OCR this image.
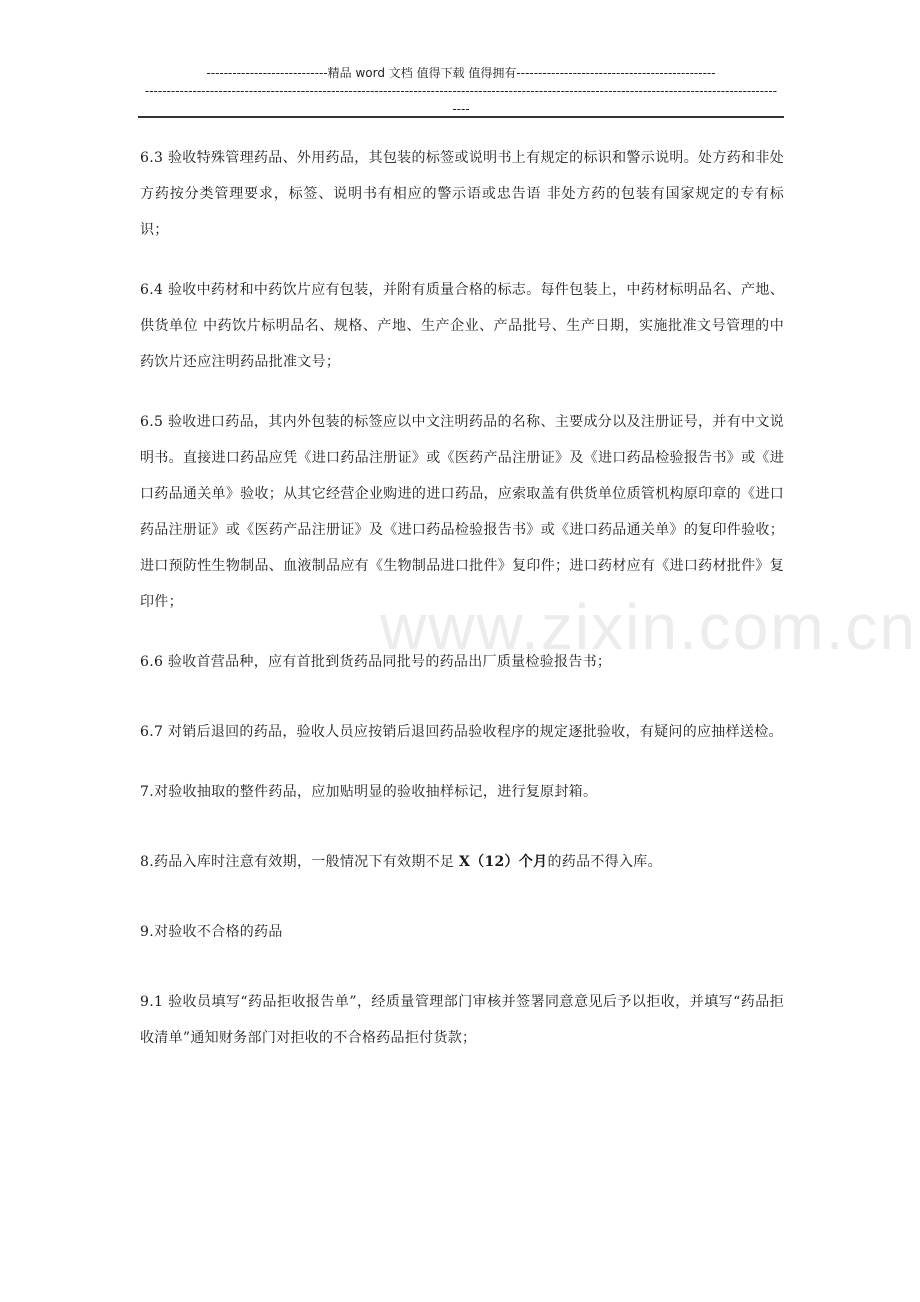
----------------------------精品 word 文档 值得下载 值得拥有----------------------------------------------
--------------------------------------------------------------------------------------------------------------------------------------------------
----
www.zixin.com.cn

6.3 验收特殊管理药品、外用药品，其包装的标签或说明书上有规定的标识和警示说明。处方药和非处方药按分类管理要求，标签、说明书有相应的警示语或忠告语 非处方药的包装有国家规定的专有标识；

6.4 验收中药材和中药饮片应有包装，并附有质量合格的标志。每件包装上，中药材标明品名、产地、供货单位 中药饮片标明品名、规格、产地、生产企业、产品批号、生产日期，实施批准文号管理的中药饮片还应注明药品批准文号；

6.5 验收进口药品，其内外包装的标签应以中文注明药品的名称、主要成分以及注册证号，并有中文说明书。直接进口药品应凭《进口药品注册证》或《医药产品注册证》及《进口药品检验报告书》或《进口药品通关单》验收；从其它经营企业购进的进口药品，应索取盖有供货单位质管机构原印章的《进口药品注册证》或《医药产品注册证》及《进口药品检验报告书》或《进口药品通关单》的复印件验收；进口预防性生物制品、血液制品应有《生物制品进口批件》复印件；进口药材应有《进口药材批件》复印件；

6.6 验收首营品种，应有首批到货药品同批号的药品出厂质量检验报告书；

6.7 对销后退回的药品，验收人员应按销后退回药品验收程序的规定逐批验收，有疑问的应抽样送检。

7.对验收抽取的整件药品，应加贴明显的验收抽样标记，进行复原封箱。

8.药品入库时注意有效期，一般情况下有效期不足 X（12）个月的药品不得入库。

9.对验收不合格的药品

9.1 验收员填写“药品拒收报告单”，经质量管理部门审核并签署同意意见后予以拒收，并填写“药品拒收清单”通知财务部门对拒收的不合格药品拒付货款；
